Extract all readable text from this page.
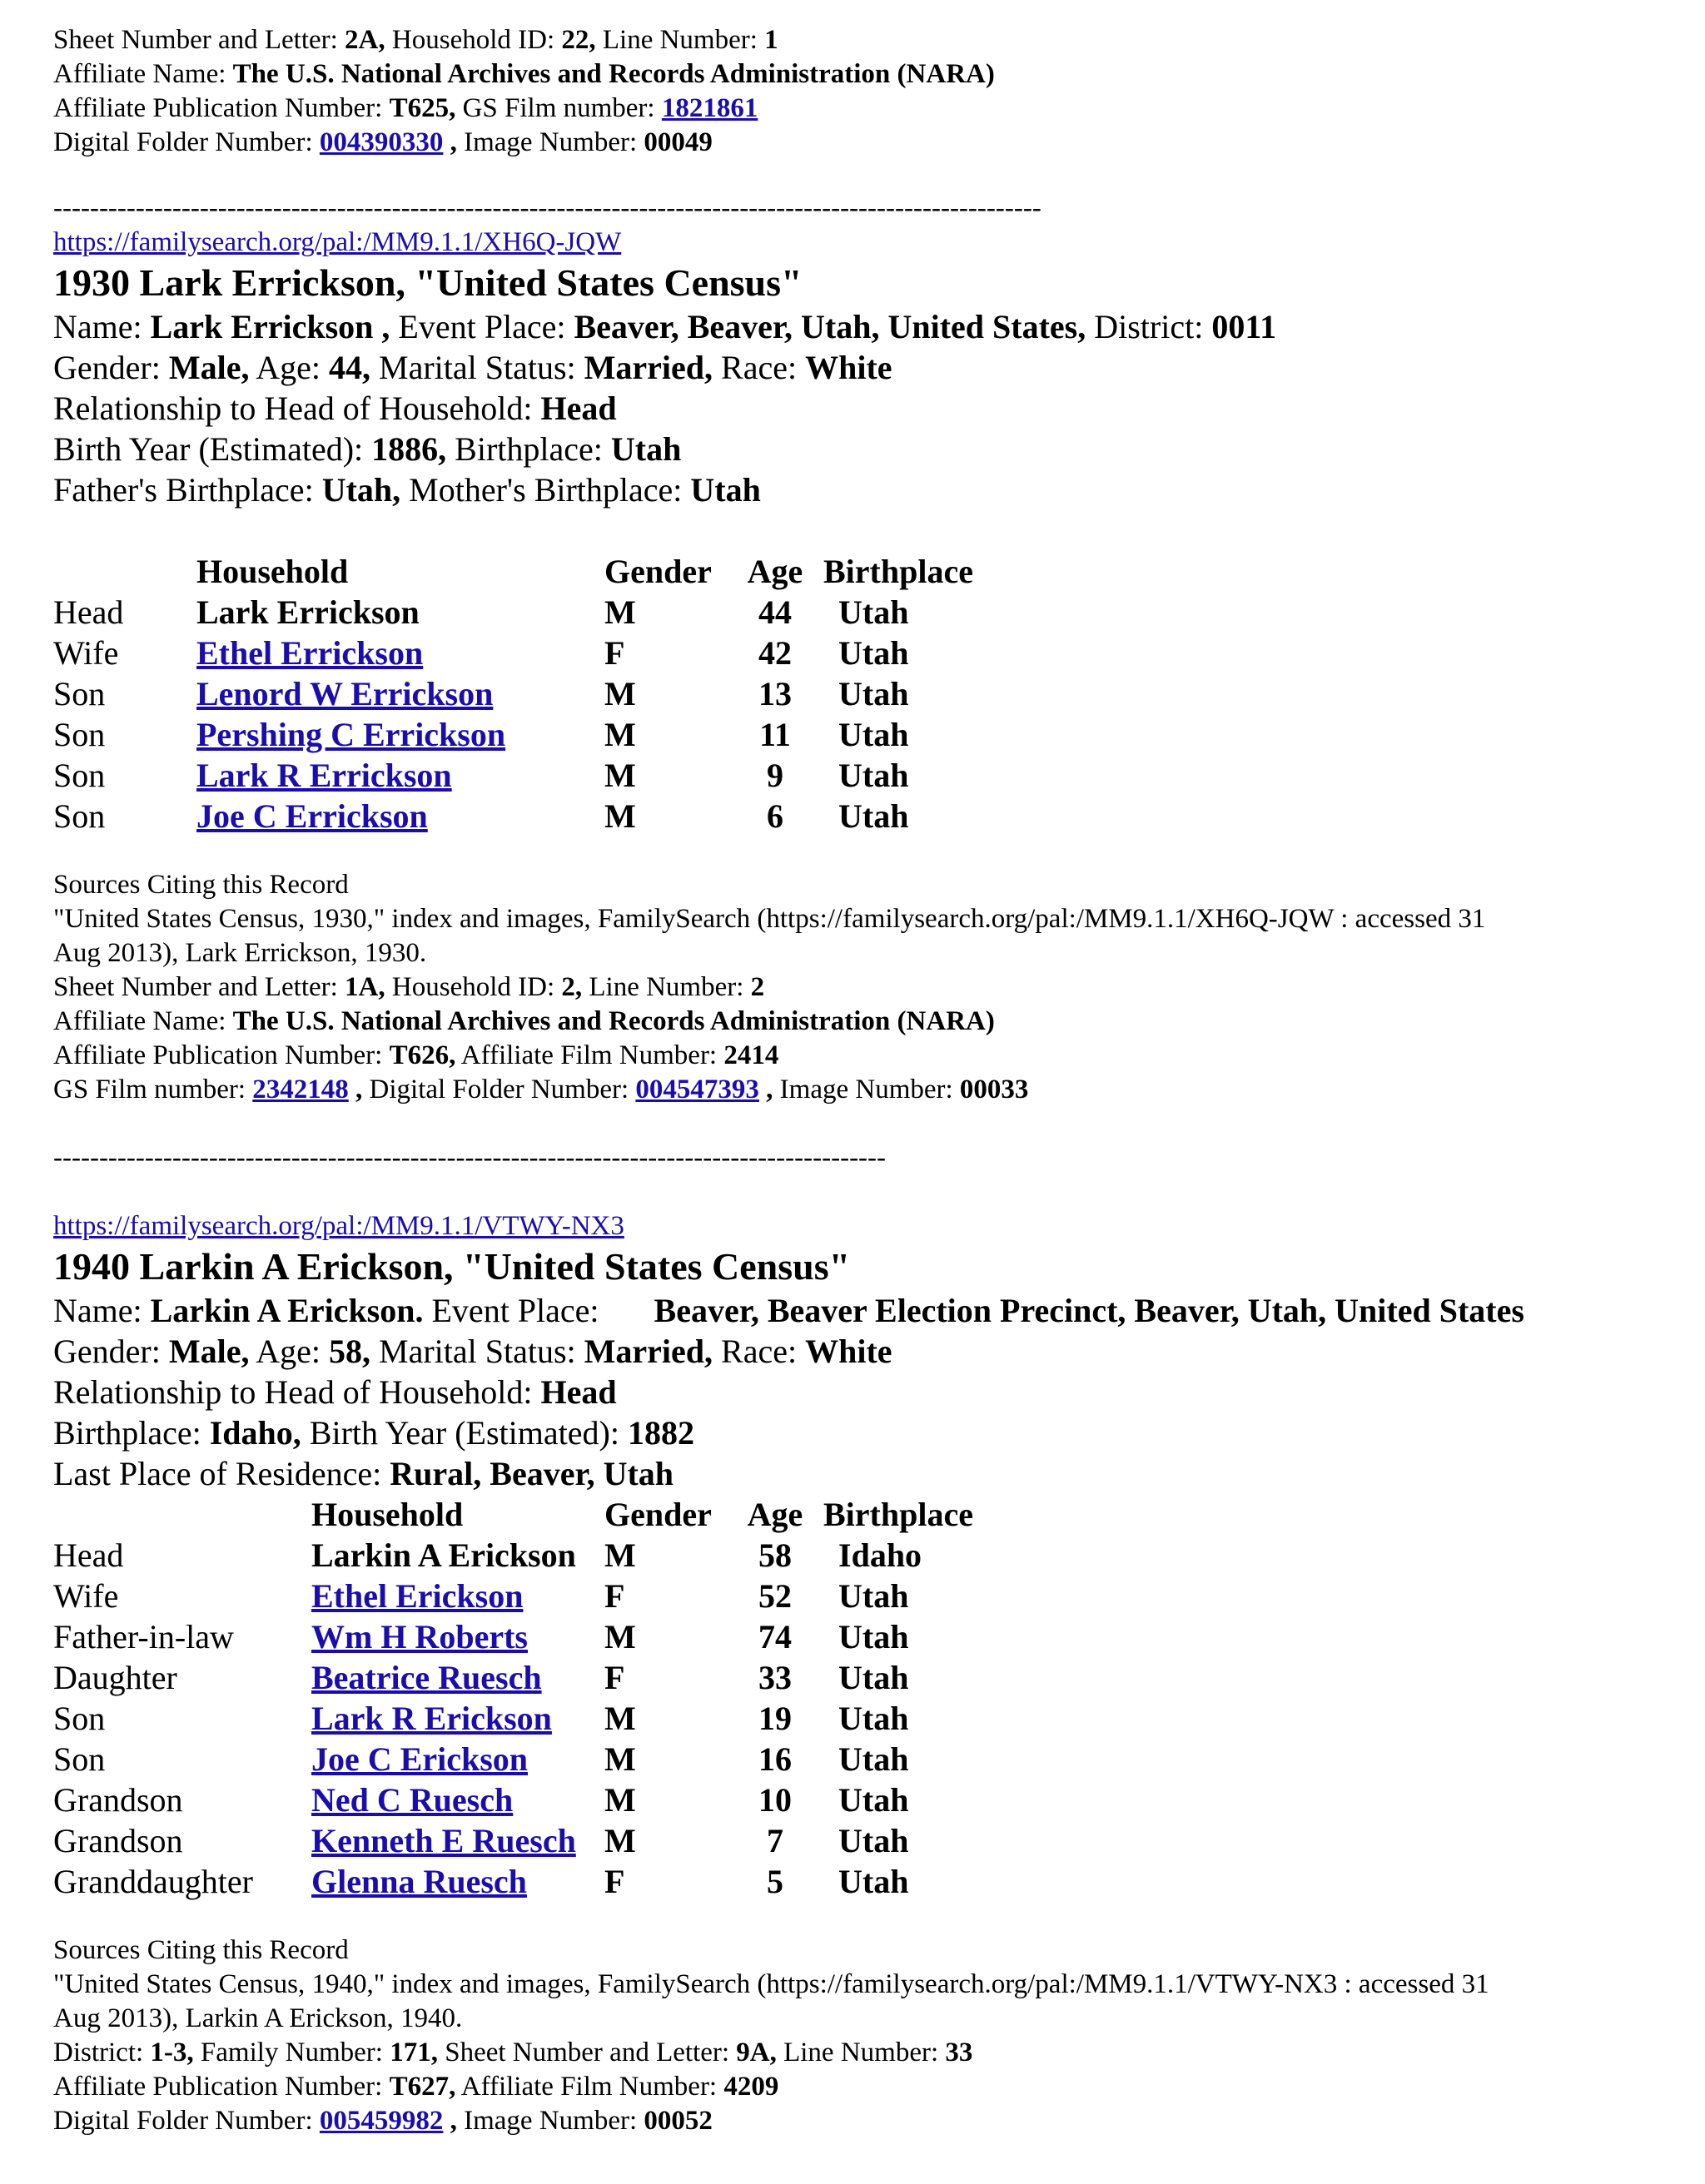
Sheet Number and Letter: 2A, Household ID: 22, Line Number: 1
Affiliate Name: The U.S. National Archives and Records Administration (NARA)
Affiliate Publication Number: T625, GS Film number: 1821861
Digital Folder Number: 004390330 , Image Number: 00049
------------------------------------------------------------------------------------------------------------
https://familysearch.org/pal:/MM9.1.1/XH6Q-JQW
1930 Lark Errickson, "United States Census"
Name: Lark Errickson , Event Place: Beaver, Beaver, Utah, United States, District: 0011
Gender: Male, Age: 44, Marital Status: Married, Race: White
Relationship to Head of Household: Head
Birth Year (Estimated): 1886, Birthplace: Utah
Father's Birthplace: Utah, Mother's Birthplace: Utah
	Household	Gender	Age	Birthplace
Head	Lark Errickson	M	44	Utah
Wife	Ethel Errickson	F	42	Utah
Son	Lenord W Errickson	M	13	Utah
Son	Pershing C Errickson	M	11	Utah
Son	Lark R Errickson	M	9	Utah
Son	Joe C Errickson	M	6	Utah
Sources Citing this Record
"United States Census, 1930," index and images, FamilySearch (https://familysearch.org/pal:/MM9.1.1/XH6Q-JQW : accessed 31
Aug 2013), Lark Errickson, 1930.
Sheet Number and Letter: 1A, Household ID: 2, Line Number: 2
Affiliate Name: The U.S. National Archives and Records Administration (NARA)
Affiliate Publication Number: T626, Affiliate Film Number: 2414
GS Film number: 2342148 , Digital Folder Number: 004547393 , Image Number: 00033
-------------------------------------------------------------------------------------------
https://familysearch.org/pal:/MM9.1.1/VTWY-NX3
1940 Larkin A Erickson, "United States Census"
Name: Larkin A Erickson. Event Place: Beaver, Beaver Election Precinct, Beaver, Utah, United States
Gender: Male, Age: 58, Marital Status: Married, Race: White
Relationship to Head of Household: Head
Birthplace: Idaho, Birth Year (Estimated): 1882
Last Place of Residence: Rural, Beaver, Utah
	Household	Gender	Age	Birthplace
Head	Larkin A Erickson	M	58	Idaho
Wife	Ethel Erickson	F	52	Utah
Father-in-law	Wm H Roberts	M	74	Utah
Daughter	Beatrice Ruesch	F	33	Utah
Son	Lark R Erickson	M	19	Utah
Son	Joe C Erickson	M	16	Utah
Grandson	Ned C Ruesch	M	10	Utah
Grandson	Kenneth E Ruesch	M	7	Utah
Granddaughter	Glenna Ruesch	F	5	Utah
Sources Citing this Record
"United States Census, 1940," index and images, FamilySearch (https://familysearch.org/pal:/MM9.1.1/VTWY-NX3 : accessed 31
Aug 2013), Larkin A Erickson, 1940.
District: 1-3, Family Number: 171, Sheet Number and Letter: 9A, Line Number: 33
Affiliate Publication Number: T627, Affiliate Film Number: 4209
Digital Folder Number: 005459982 , Image Number: 00052
